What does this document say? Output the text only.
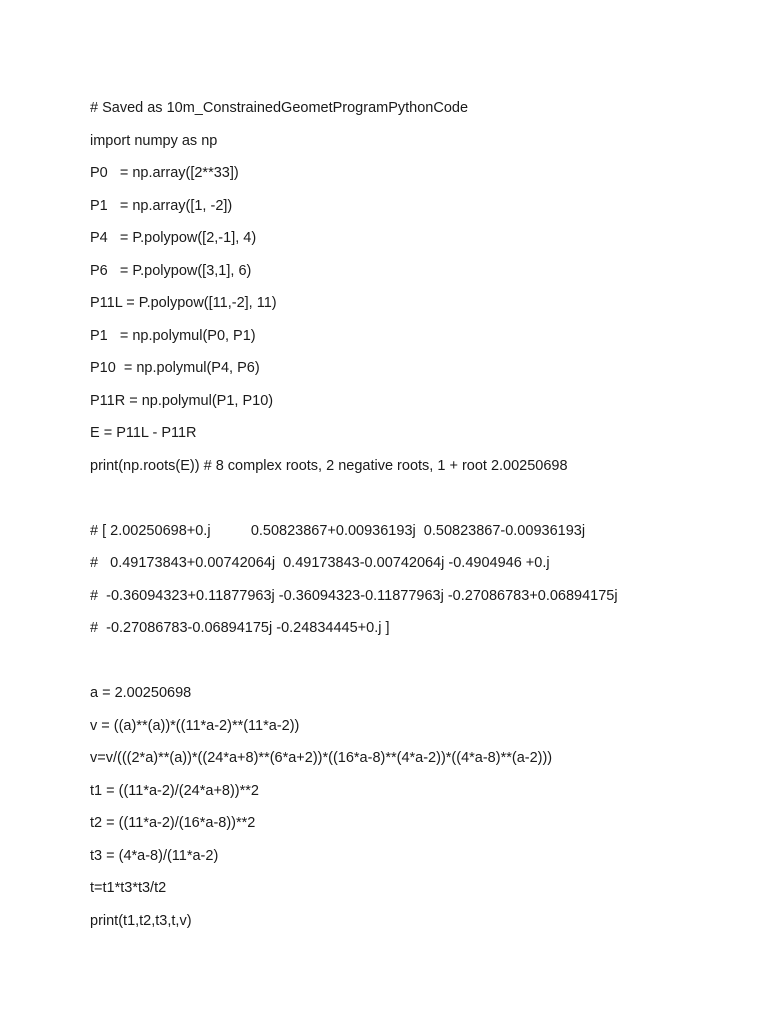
# Saved as 10m_ConstrainedGeometProgramPythonCode
import numpy as np
P0   = np.array([2**33])
P1   = np.array([1, -2])
P4   = P.polypow([2,-1], 4)
P6   = P.polypow([3,1], 6)
P11L = P.polypow([11,-2], 11)
P1   = np.polymul(P0, P1)
P10  = np.polymul(P4, P6)
P11R = np.polymul(P1, P10)
E = P11L - P11R
print(np.roots(E)) # 8 complex roots, 2 negative roots, 1 + root 2.00250698
# [ 2.00250698+0.j          0.50823867+0.00936193j  0.50823867-0.00936193j
#   0.49173843+0.00742064j  0.49173843-0.00742064j -0.4904946 +0.j
#  -0.36094323+0.11877963j -0.36094323-0.11877963j -0.27086783+0.06894175j
#  -0.27086783-0.06894175j -0.24834445+0.j ]
a = 2.00250698
v = ((a)**(a))*((11*a-2)**(11*a-2))
v=v/(((2*a)**(a))*((24*a+8)**(6*a+2))*((16*a-8)**(4*a-2))*((4*a-8)**(a-2)))
t1 = ((11*a-2)/(24*a+8))**2
t2 = ((11*a-2)/(16*a-8))**2
t3 = (4*a-8)/(11*a-2)
t=t1*t3*t3/t2
print(t1,t2,t3,t,v)
